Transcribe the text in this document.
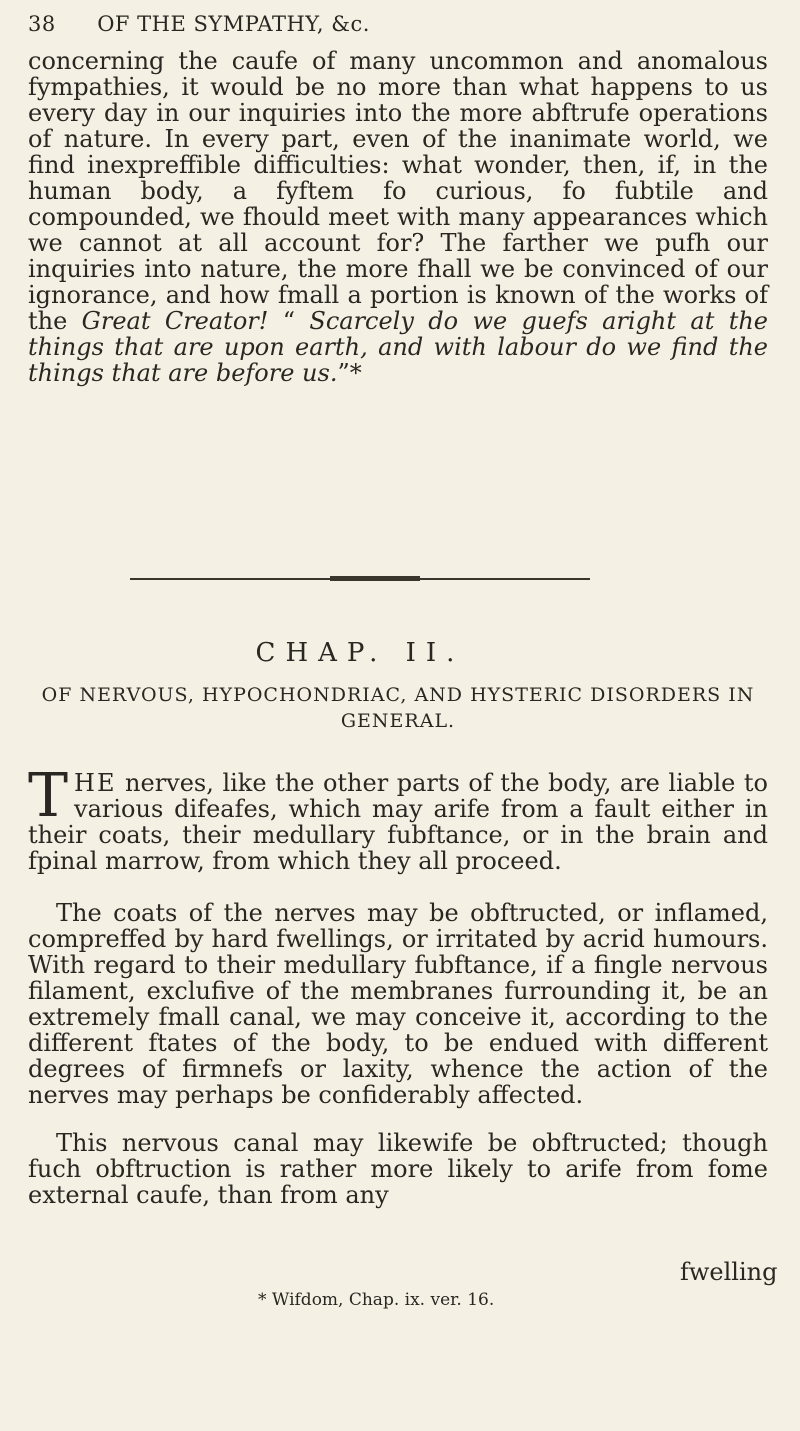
38 OF THE SYMPATHY, &c.

concerning the caufe of many uncommon and anomalous fympathies, it would be no more than what happens to us every day in our inquiries into the more abftrufe operations of nature. In every part, even of the inanimate world, we find inexpreffible difficulties: what wonder, then, if, in the human body, a fyftem fo curious, fo fubtile and compounded, we fhould meet with many appearances which we cannot at all account for? The farther we pufh our inquiries into nature, the more fhall we be convinced of our ignorance, and how fmall a portion is known of the works of the Great Creator! “ Scarcely do we guefs aright at the things that are upon earth, and with labour do we find the things that are before us.”*

CHAP. II.
OF NERVOUS, HYPOCHONDRIAC, AND HYSTERIC DISORDERS IN GENERAL.

THE nerves, like the other parts of the body, are liable to various difeafes, which may arife from a fault either in their coats, their medullary fubftance, or in the brain and fpinal marrow, from which they all proceed.

The coats of the nerves may be obftructed, or inflamed, compreffed by hard fwellings, or irritated by acrid humours. With regard to their medullary fubftance, if a fingle nervous filament, exclufive of the membranes furrounding it, be an extremely fmall canal, we may conceive it, according to the different ftates of the body, to be endued with different degrees of firmnefs or laxity, whence the action of the nerves may perhaps be confiderably affected.

This nervous canal may likewife be obftructed; though fuch obftruction is rather more likely to arife from fome external caufe, than from any

fwelling
* Wifdom, Chap. ix. ver. 16.
